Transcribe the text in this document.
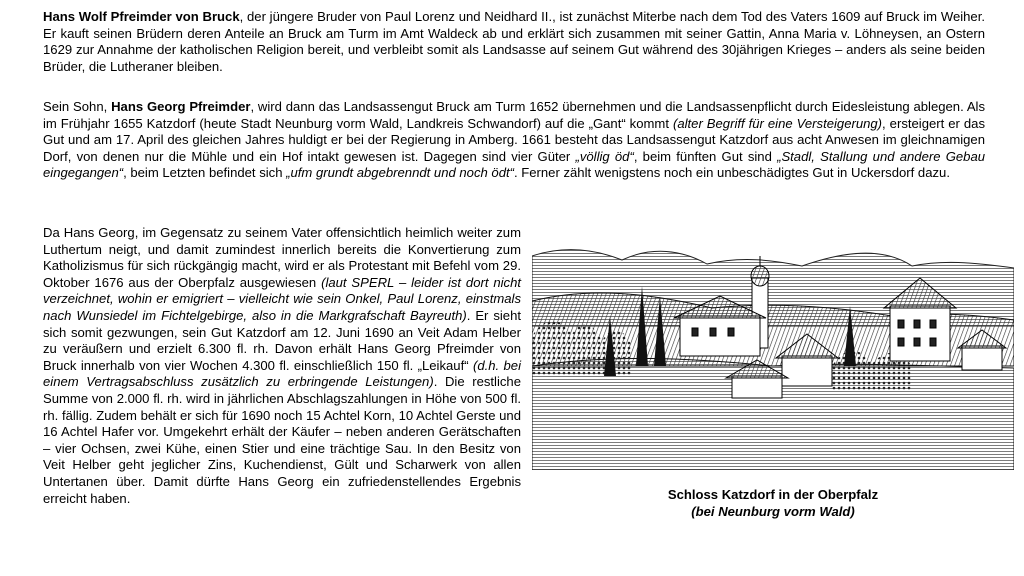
Hans Wolf Pfreimder von Bruck, der jüngere Bruder von Paul Lorenz und Neidhard II., ist zunächst Miterbe nach dem Tod des Vaters 1609 auf Bruck im Weiher. Er kauft seinen Brüdern deren Anteile an Bruck am Turm im Amt Waldeck ab und erklärt sich zusammen mit seiner Gattin, Anna Maria v. Löhneysen, an Ostern 1629 zur Annahme der katholischen Religion bereit, und verbleibt somit als Landsasse auf seinem Gut während des 30jährigen Krieges – anders als seine beiden Brüder, die Lutheraner bleiben.

Sein Sohn, Hans Georg Pfreimder, wird dann das Landsassengut Bruck am Turm 1652 übernehmen und die Landsassenpflicht durch Eidesleistung ablegen. Als im Frühjahr 1655 Katzdorf (heute Stadt Neunburg vorm Wald, Landkreis Schwandorf) auf die „Gant“ kommt (alter Begriff für eine Versteigerung), ersteigert er das Gut und am 17. April des gleichen Jahres huldigt er bei der Regierung in Amberg. 1661 besteht das Landsassengut Katzdorf aus acht Anwesen im gleichnamigen Dorf, von denen nur die Mühle und ein Hof intakt gewesen ist. Dagegen sind vier Güter „völlig öd“, beim fünften Gut sind „Stadl, Stallung und andere Gebau eingegangen“, beim Letzten befindet sich „ufm grundt abgebrenndt und noch ödt“. Ferner zählt wenigstens noch ein unbeschädigtes Gut in Uckersdorf dazu.

Da Hans Georg, im Gegensatz zu seinem Vater offensichtlich heimlich weiter zum Luthertum neigt, und damit zumindest innerlich bereits die Konvertierung zum Katholizismus für sich rückgängig macht, wird er als Protestant mit Befehl vom 29. Oktober 1676 aus der Oberpfalz ausgewiesen (laut SPERL – leider ist dort nicht verzeichnet, wohin er emigriert – vielleicht wie sein Onkel, Paul Lorenz, einstmals nach Wunsiedel im Fichtelgebirge, also in die Markgrafschaft Bayreuth). Er sieht sich somit gezwungen, sein Gut Katzdorf am 12. Juni 1690 an Veit Adam Helber zu veräußern und erzielt 6.300 fl. rh. Davon erhält Hans Georg Pfreimder von Bruck innerhalb von vier Wochen 4.300 fl. einschließlich 150 fl. „Leikauf“ (d.h. bei einem Vertragsabschluss zusätzlich zu erbringende Leistungen). Die restliche Summe von 2.000 fl. rh. wird in jährlichen Abschlagszahlungen in Höhe von 500 fl. rh. fällig. Zudem behält er sich für 1690 noch 15 Achtel Korn, 10 Achtel Gerste und 16 Achtel Hafer vor. Umgekehrt erhält der Käufer – neben anderen Gerätschaften – vier Ochsen, zwei Kühe, einen Stier und eine trächtige Sau. In den Besitz von Veit Helber geht jeglicher Zins, Kuchendienst, Gült und Scharwerk von allen Untertanen über. Damit dürfte Hans Georg ein zufriedenstellendes Ergebnis erreicht haben.	Schloss Katzdorf in der Oberpfalz
(bei Neunburg vorm Wald)
